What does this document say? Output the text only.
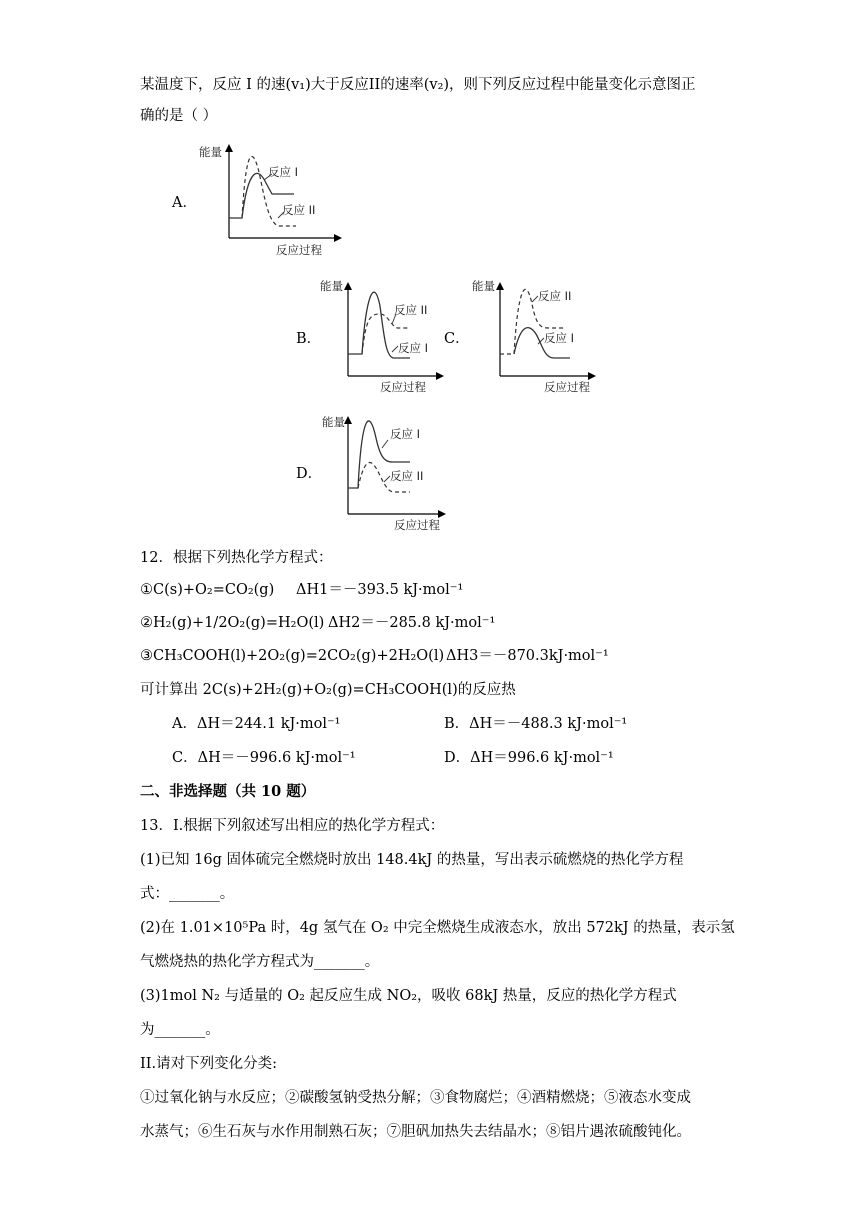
某温度下，反应 I 的速(v₁)大于反应II的速率(v₂)，则下列反应过程中能量变化示意图正
确的是（ ）
A．
能量
反应过程
反应 I
反应 II
B．
能量
反应过程
反应 II
反应 I
C．
能量
反应过程
反应 II
反应 I
D．
能量
反应过程
反应 I
反应 II
12．根据下列热化学方程式：
①C(s)+O₂=CO₂(g) ΔH1＝－393.5 kJ·mol⁻¹
②H₂(g)+1/2O₂(g)=H₂O(l) ΔH2＝－285.8 kJ·mol⁻¹
③CH₃COOH(l)+2O₂(g)=2CO₂(g)+2H₂O(l) ΔH3＝－870.3kJ·mol⁻¹
可计算出 2C(s)+2H₂(g)+O₂(g)=CH₃COOH(l)的反应热
A．ΔH＝244.1 kJ·mol⁻¹	B．ΔH＝－488.3 kJ·mol⁻¹
C．ΔH＝－996.6 kJ·mol⁻¹	D．ΔH＝996.6 kJ·mol⁻¹
二、非选择题（共 10 题）
13．I.根据下列叙述写出相应的热化学方程式：
(1)已知 16g 固体硫完全燃烧时放出 148.4kJ 的热量，写出表示硫燃烧的热化学方程
式：_______。
(2)在 1.01×10⁵Pa 时，4g 氢气在 O₂ 中完全燃烧生成液态水，放出 572kJ 的热量，表示氢
气燃烧热的热化学方程式为_______。
(3)1mol N₂ 与适量的 O₂ 起反应生成 NO₂，吸收 68kJ 热量，反应的热化学方程式
为_______。
II.请对下列变化分类:
①过氧化钠与水反应；②碳酸氢钠受热分解；③食物腐烂；④酒精燃烧；⑤液态水变成
水蒸气；⑥生石灰与水作用制熟石灰；⑦胆矾加热失去结晶水；⑧铝片遇浓硫酸钝化。
